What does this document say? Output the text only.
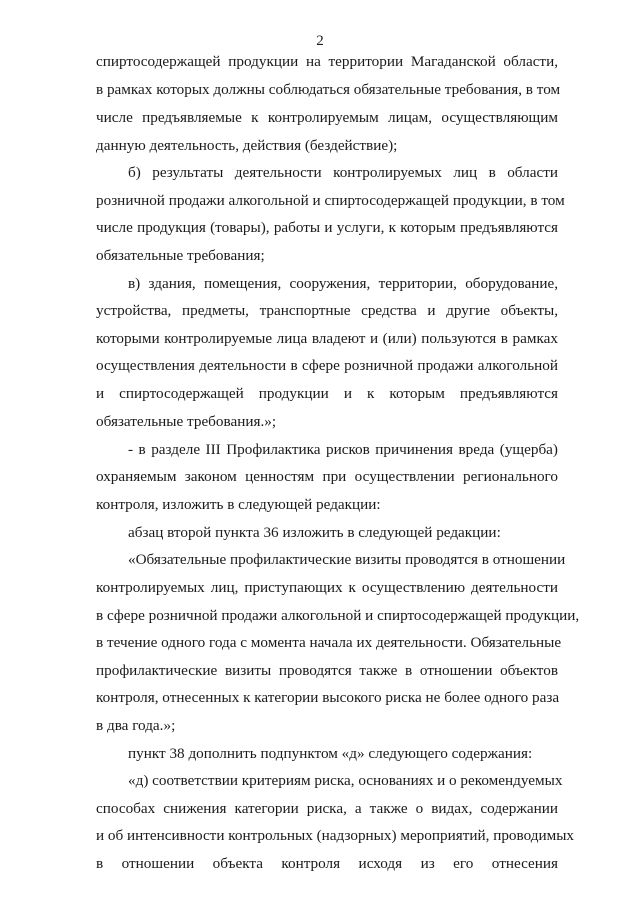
2
спиртосодержащей продукции на территории Магаданской области,
в рамках которых должны соблюдаться обязательные требования, в том
числе предъявляемые к контролируемым лицам, осуществляющим
данную деятельность, действия (бездействие);
б) результаты деятельности контролируемых лиц в области
розничной продажи алкогольной и спиртосодержащей продукции, в том
числе продукция (товары), работы и услуги, к которым предъявляются
обязательные требования;
в) здания, помещения, сооружения, территории, оборудование,
устройства, предметы, транспортные средства и другие объекты,
которыми контролируемые лица владеют и (или) пользуются в рамках
осуществления деятельности в сфере розничной продажи алкогольной
и спиртосодержащей продукции и к которым предъявляются
обязательные требования.»;
- в разделе III Профилактика рисков причинения вреда (ущерба)
охраняемым законом ценностям при осуществлении регионального
контроля, изложить в следующей редакции:
абзац второй пункта 36 изложить в следующей редакции:
«Обязательные профилактические визиты проводятся в отношении
контролируемых лиц, приступающих к осуществлению деятельности
в сфере розничной продажи алкогольной и спиртосодержащей продукции,
в течение одного года с момента начала их деятельности. Обязательные
профилактические визиты проводятся также в отношении объектов
контроля, отнесенных к категории высокого риска не более одного раза
в два года.»;
пункт 38 дополнить подпунктом «д» следующего содержания:
«д) соответствии критериям риска, основаниях и о рекомендуемых
способах снижения категории риска, а также о видах, содержании
и об интенсивности контрольных (надзорных) мероприятий, проводимых
в отношении объекта контроля исходя из его отнесения
